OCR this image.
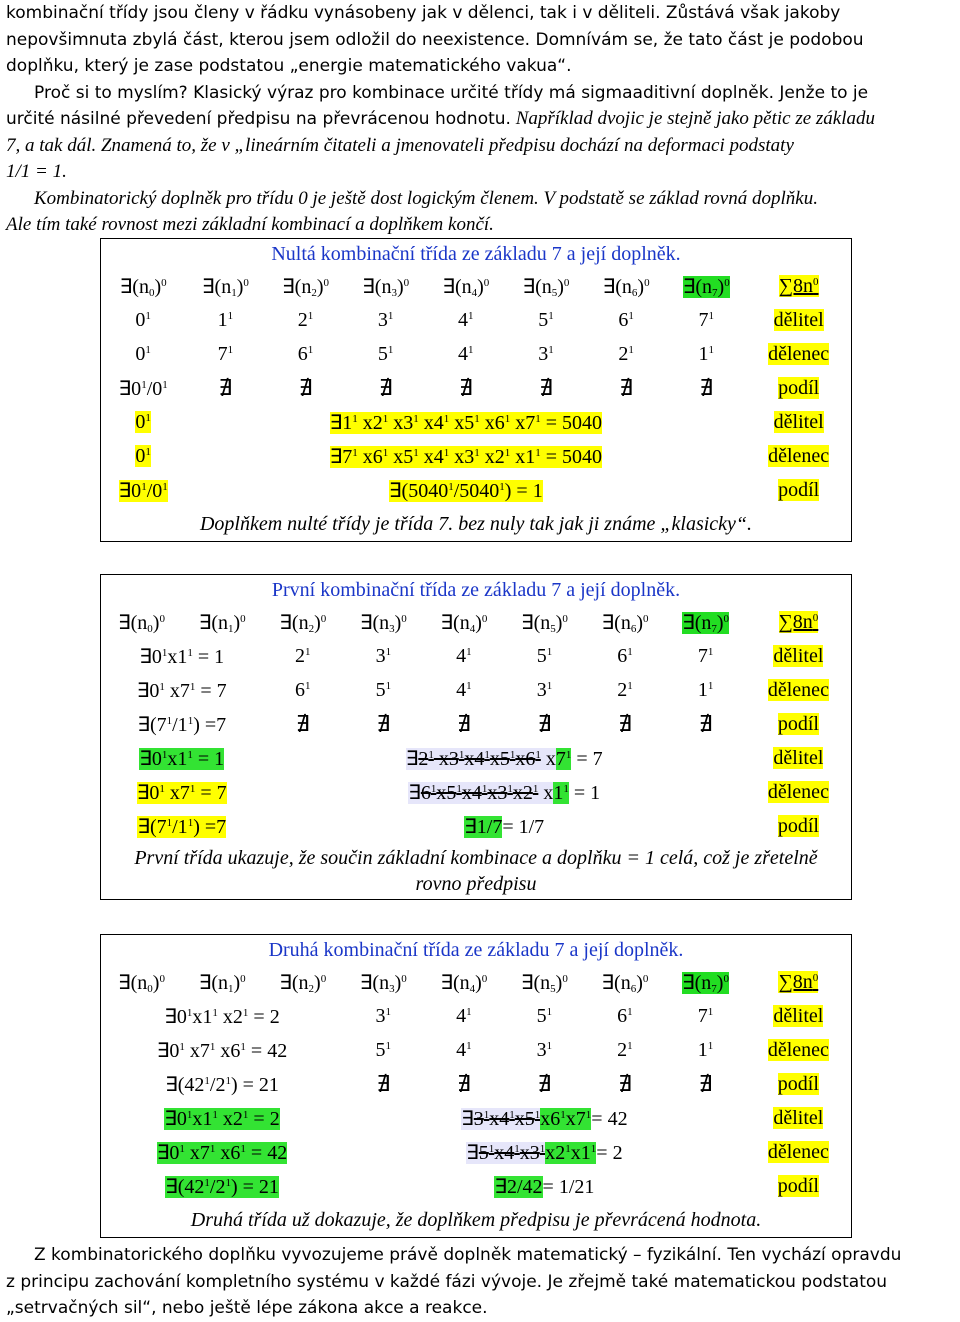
kombinační třídy jsou členy v řádku vynásobeny jak v dělenci, tak i v děliteli. Zůstává však jakoby

nepovšimnuta zbylá část, kterou jsem odložil do neexistence. Domnívám se, že tato část je podobou

doplňku, který je zase podstatou „energie matematického vakua“.

Proč si to myslím? Klasický výraz pro kombinace určité třídy má sigmaaditivní doplněk. Jenže to je

určité násilné převedení předpisu na převrácenou hodnotu. Například dvojic je stejně jako pětic ze základu

7, a tak dál. Znamená to, že v „lineárním čitateli a jmenovateli předpisu dochází na deformaci podstaty

1/1 = 1.

Kombinatorický doplněk pro třídu 0 je ještě dost logickým členem. V podstatě se základ rovná doplňku.

Ale tím také rovnost mezi základní kombinací a doplňkem končí.

Nultá kombinační třída ze základu 7 a její doplněk.								
$\exists(n_0)^0$	$\exists(n_1)^0$	$\exists(n_2)^0$	$\exists(n_3)^0$	$\exists(n_4)^0$	$\exists(n_5)^0$	$\exists(n_6)^0$	$\exists(n_7)^0$	$\sum 8n^0$
$0^1$	$1^1$	$2^1$	$3^1$	$4^1$	$5^1$	$6^1$	$7^1$	dělitel
$0^1$	$7^1$	$6^1$	$5^1$	$4^1$	$3^1$	$2^1$	$1^1$	dělenec
$\exists 0^1/0^1$	∄	∄	∄	∄	∄	∄	∄	podíl
$0^1$	$\exists 1^1$ $x2^1$ $x3^1$ $x4^1$ $x5^1$ $x6^1$ $x7^1 = 5040$							dělitel
$0^1$	$\exists 7^1$ $x6^1$ $x5^1$ $x4^1$ $x3^1$ $x2^1$ $x1^1 = 5040$							dělenec
$\exists 0^1/0^1$	$\exists(5040^1/5040^1) = 1$							podíl
Doplňkem nulté třídy je třída 7. bez nuly tak jak ji známe „klasicky“.								
První kombinační třída ze základu 7 a její doplněk.								
$\exists(n_0)^0$	$\exists(n_1)^0$	$\exists(n_2)^0$	$\exists(n_3)^0$	$\exists(n_4)^0$	$\exists(n_5)^0$	$\exists(n_6)^0$	$\exists(n_7)^0$	$\sum 8n^0$
$\exists 0^1x1^1 = 1$		$2^1$	$3^1$	$4^1$	$5^1$	$6^1$	$7^1$	dělitel
$\exists 0^1$ $x7^1 = 7$		$6^1$	$5^1$	$4^1$	$3^1$	$2^1$	$1^1$	dělenec
$\exists(7^1/1^1) =7$		∄	∄	∄	∄	∄	∄	podíl
$\exists 0^1x1^1 = 1$		$\exists 2^1$ $x3^1x4^1x5^1x6^1$ $x7^1 = 7$						dělitel
$\exists 0^1$ $x7^1 = 7$		$\exists 6^1x5^1x4^1x3^1x2^1$ $x1^1 = 1$						dělenec
$\exists(7^1/1^1) =7$		∃1/7= 1/7						podíl
První třída ukazuje, že součin základní kombinace a doplňku = 1 celá, což je zřetelně rovno předpisu								
Druhá kombinační třída ze základu 7 a její doplněk.								
$\exists(n_0)^0$	$\exists(n_1)^0$	$\exists(n_2)^0$	$\exists(n_3)^0$	$\exists(n_4)^0$	$\exists(n_5)^0$	$\exists(n_6)^0$	$\exists(n_7)^0$	$\sum 8n^0$
$\exists 0^1x1^1$ $x2^1 = 2$			$3^1$	$4^1$	$5^1$	$6^1$	$7^1$	dělitel
$\exists 0^1$ $x7^1$ $x6^1 = 42$			$5^1$	$4^1$	$3^1$	$2^1$	$1^1$	dělenec
$\exists(42^1/2^1) = 21$			∄	∄	∄	∄	∄	podíl
$\exists 0^1x1^1$ $x2^1 = 2$			$\exists 3^1x4^1x5^1x6^1x7^1= 42$					dělitel
$\exists 0^1$ $x7^1$ $x6^1 = 42$			$\exists 5^1x4^1x3^1x2^1x1^1= 2$					dělenec
$\exists(42^1/2^1) = 21$			∃2/42= 1/21					podíl
Druhá třída už dokazuje, že doplňkem předpisu je převrácená hodnota.								

Z kombinatorického doplňku vyvozujeme právě doplněk matematický – fyzikální. Ten vychází opravdu

z principu zachování kompletního systému v každé fázi vývoje. Je zřejmě také matematickou podstatou

„setrvačných sil“, nebo ještě lépe zákona akce a reakce.
